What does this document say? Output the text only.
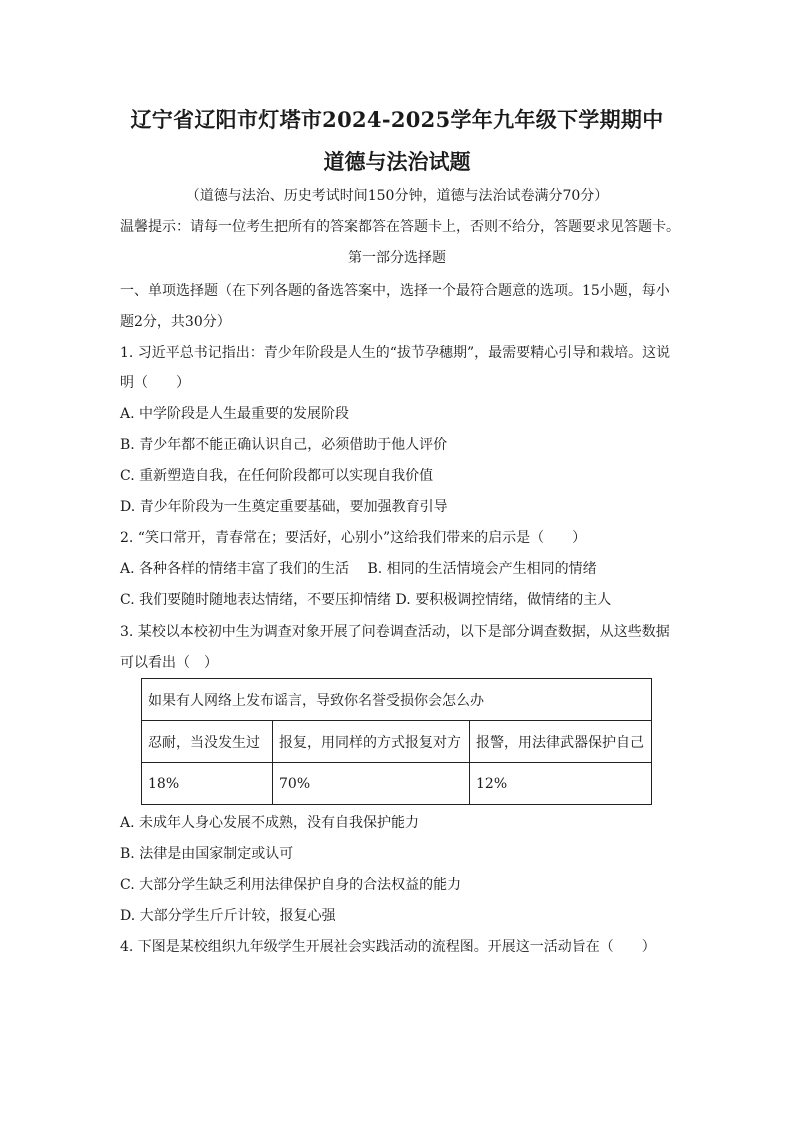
辽宁省辽阳市灯塔市2024-2025学年九年级下学期期中
道德与法治试题
（道德与法治、历史考试时间150分钟，道德与法治试卷满分70分）
温馨提示：请每一位考生把所有的答案都答在答题卡上，否则不给分，答题要求见答题卡。
第一部分选择题
一、单项选择题（在下列各题的备选答案中，选择一个最符合题意的选项。15小题，每小
题2分，共30分）
1. 习近平总书记指出：青少年阶段是人生的“拔节孕穗期”，最需要精心引导和栽培。这说
明（　　）
A. 中学阶段是人生最重要的发展阶段
B. 青少年都不能正确认识自己，必须借助于他人评价
C. 重新塑造自我，在任何阶段都可以实现自我价值
D. 青少年阶段为一生奠定重要基础，要加强教育引导
2. “笑口常开，青春常在；要活好，心别小”这给我们带来的启示是（　　）
A. 各种各样的情绪丰富了我们的生活　 B. 相同的生活情境会产生相同的情绪
C. 我们要随时随地表达情绪，不要压抑情绪 D. 要积极调控情绪，做情绪的主人
3. 某校以本校初中生为调查对象开展了问卷调查活动，以下是部分调查数据，从这些数据
可以看出（　）
如果有人网络上发布谣言，导致你名誉受损你会怎么办		
忍耐，当没发生过	报复，用同样的方式报复对方	报警，用法律武器保护自己
18%	70%	12%
A. 未成年人身心发展不成熟，没有自我保护能力
B. 法律是由国家制定或认可
C. 大部分学生缺乏利用法律保护自身的合法权益的能力
D. 大部分学生斤斤计较，报复心强
4. 下图是某校组织九年级学生开展社会实践活动的流程图。开展这一活动旨在（　　）
